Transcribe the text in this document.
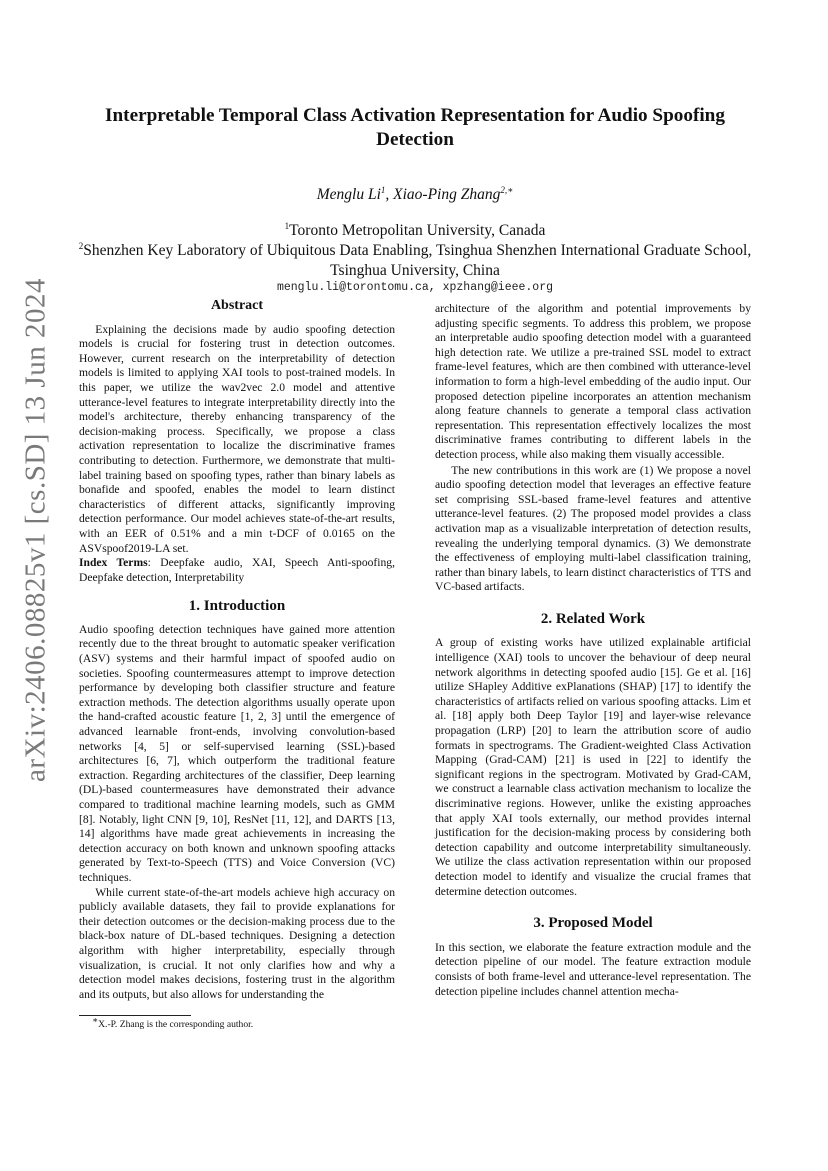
arXiv:2406.08825v1 [cs.SD] 13 Jun 2024
Interpretable Temporal Class Activation Representation for Audio Spoofing Detection
Menglu Li$^1$, Xiao-Ping Zhang$^{2,∗}$
$^1$Toronto Metropolitan University, Canada
$^2$Shenzhen Key Laboratory of Ubiquitous Data Enabling, Tsinghua Shenzhen International Graduate School, Tsinghua University, China
menglu.li@torontomu.ca, xpzhang@ieee.org
Abstract

Explaining the decisions made by audio spoofing detection models is crucial for fostering trust in detection outcomes. However, current research on the interpretability of detection models is limited to applying XAI tools to post-trained models. In this paper, we utilize the wav2vec 2.0 model and attentive utterance-level features to integrate interpretability directly into the model's architecture, thereby enhancing transparency of the decision-making process. Specifically, we propose a class activation representation to localize the discriminative frames contributing to detection. Furthermore, we demonstrate that multi-label training based on spoofing types, rather than binary labels as bonafide and spoofed, enables the model to learn distinct characteristics of different attacks, significantly improving detection performance. Our model achieves state-of-the-art results, with an EER of 0.51% and a min t-DCF of 0.0165 on the ASVspoof2019-LA set.

Index Terms: Deepfake audio, XAI, Speech Anti-spoofing, Deepfake detection, Interpretability

1. Introduction

Audio spoofing detection techniques have gained more attention recently due to the threat brought to automatic speaker verification (ASV) systems and their harmful impact of spoofed audio on societies. Spoofing countermeasures attempt to improve detection performance by developing both classifier structure and feature extraction methods. The detection algorithms usually operate upon the hand-crafted acoustic feature [1, 2, 3] until the emergence of advanced learnable front-ends, involving convolution-based networks [4, 5] or self-supervised learning (SSL)-based architectures [6, 7], which outperform the traditional feature extraction. Regarding architectures of the classifier, Deep learning (DL)-based countermeasures have demonstrated their advance compared to traditional machine learning models, such as GMM [8]. Notably, light CNN [9, 10], ResNet [11, 12], and DARTS [13, 14] algorithms have made great achievements in increasing the detection accuracy on both known and unknown spoofing attacks generated by Text-to-Speech (TTS) and Voice Conversion (VC) techniques.

While current state-of-the-art models achieve high accuracy on publicly available datasets, they fail to provide explanations for their detection outcomes or the decision-making process due to the black-box nature of DL-based techniques. Designing a detection algorithm with higher interpretability, especially through visualization, is crucial. It not only clarifies how and why a detection model makes decisions, fostering trust in the algorithm and its outputs, but also allows for understanding the

∗X.-P. Zhang is the corresponding author.

architecture of the algorithm and potential improvements by adjusting specific segments. To address this problem, we propose an interpretable audio spoofing detection model with a guaranteed high detection rate. We utilize a pre-trained SSL model to extract frame-level features, which are then combined with utterance-level information to form a high-level embedding of the audio input. Our proposed detection pipeline incorporates an attention mechanism along feature channels to generate a temporal class activation representation. This representation effectively localizes the most discriminative frames contributing to different labels in the detection process, while also making them visually accessible.

The new contributions in this work are (1) We propose a novel audio spoofing detection model that leverages an effective feature set comprising SSL-based frame-level features and attentive utterance-level features. (2) The proposed model provides a class activation map as a visualizable interpretation of detection results, revealing the underlying temporal dynamics. (3) We demonstrate the effectiveness of employing multi-label classification training, rather than binary labels, to learn distinct characteristics of TTS and VC-based artifacts.

2. Related Work

A group of existing works have utilized explainable artificial intelligence (XAI) tools to uncover the behaviour of deep neural network algorithms in detecting spoofed audio [15]. Ge et al. [16] utilize SHapley Additive exPlanations (SHAP) [17] to identify the characteristics of artifacts relied on various spoofing attacks. Lim et al. [18] apply both Deep Taylor [19] and layer-wise relevance propagation (LRP) [20] to learn the attribution score of audio formats in spectrograms. The Gradient-weighted Class Activation Mapping (Grad-CAM) [21] is used in [22] to identify the significant regions in the spectrogram. Motivated by Grad-CAM, we construct a learnable class activation mechanism to localize the discriminative regions. However, unlike the existing approaches that apply XAI tools externally, our method provides internal justification for the decision-making process by considering both detection capability and outcome interpretability simultaneously. We utilize the class activation representation within our proposed detection model to identify and visualize the crucial frames that determine detection outcomes.

3. Proposed Model

In this section, we elaborate the feature extraction module and the detection pipeline of our model. The feature extraction module consists of both frame-level and utterance-level representation. The detection pipeline includes channel attention mecha-
